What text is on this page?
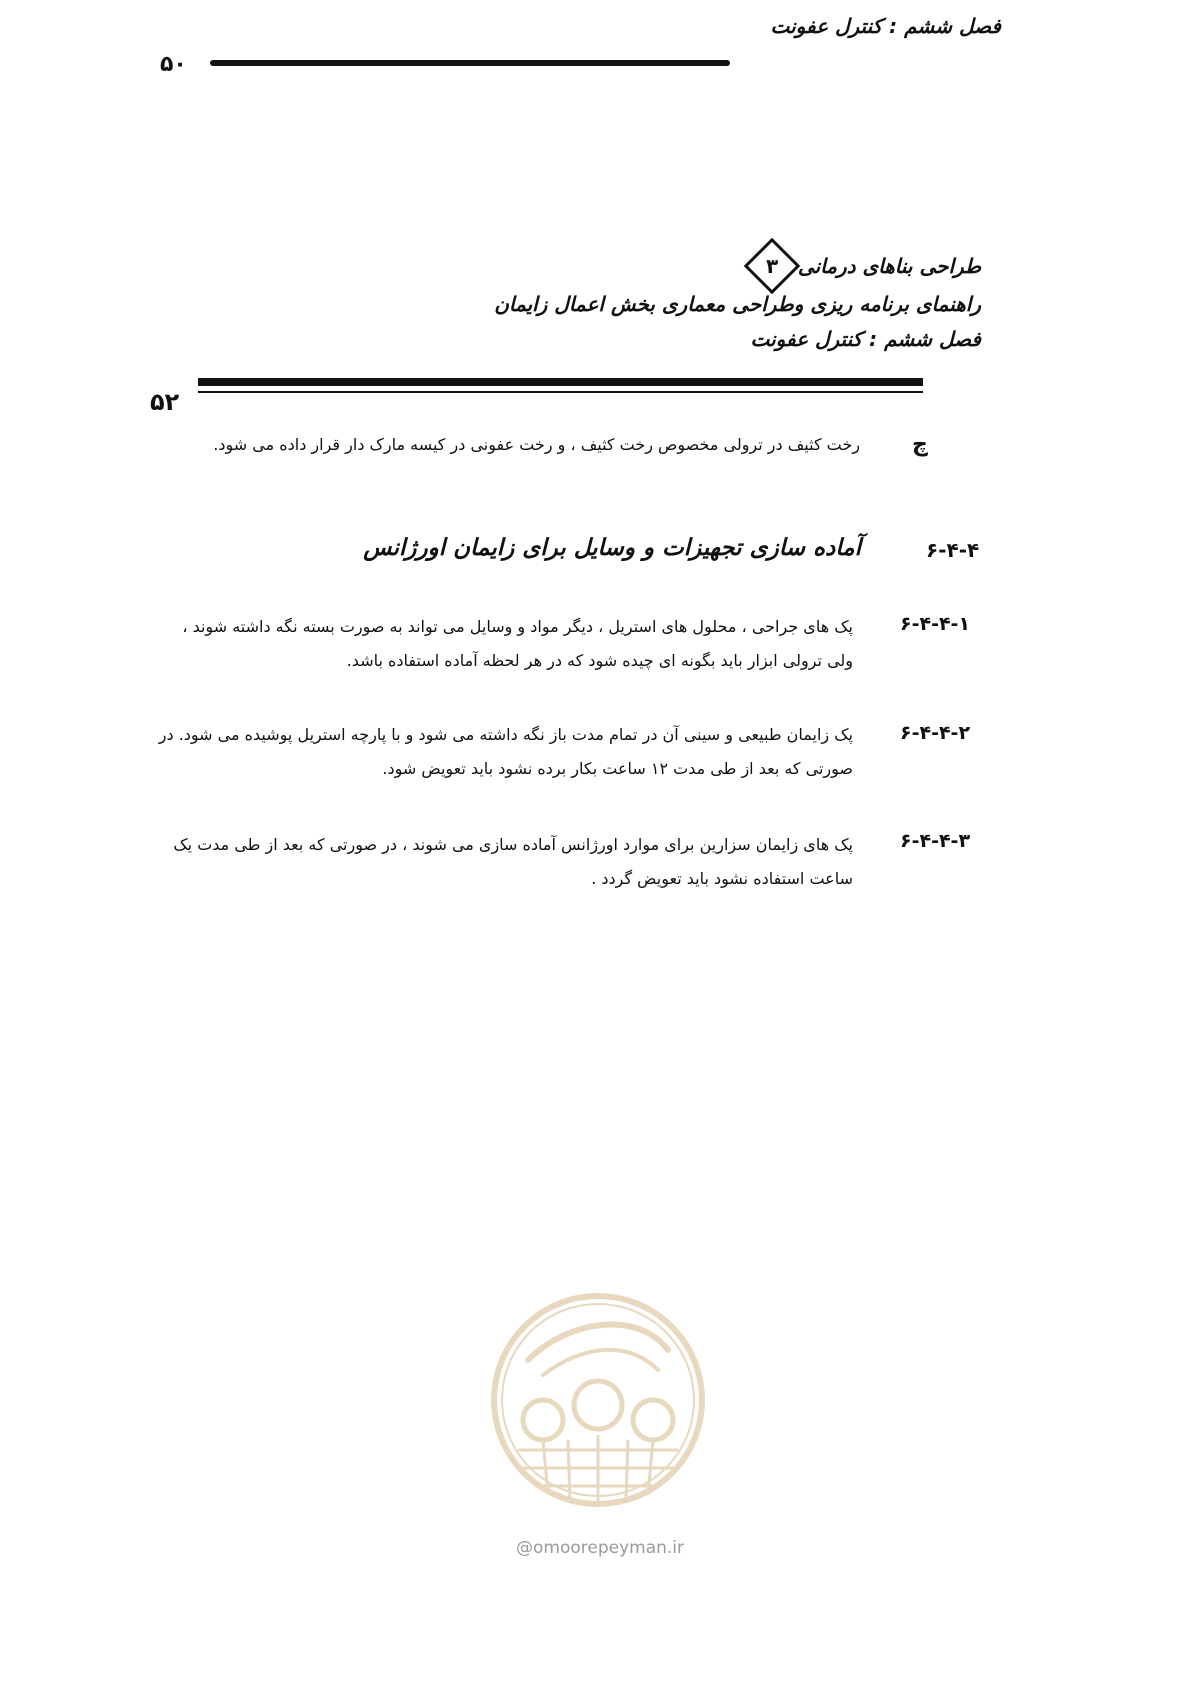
فصل ششم : کنترل عفونت
۵۰
طراحی بناهای درمانی
۳
راهنمای برنامه ریزی وطراحی معماری بخش اعمال زایمان
فصل ششم : کنترل عفونت
۵۲
چ
رخت کثیف در ترولی مخصوص رخت کثیف ، و رخت عفونی در کیسه مارک دار قرار داده می شود.
۶-۴-۴
آماده سازی تجهیزات و وسایل برای زایمان اورژانس
۶-۴-۴-۱
پک های جراحی ، محلول های استریل ، دیگر مواد و وسایل می تواند به صورت بسته نگه داشته شوند ، ولی ترولی ابزار باید بگونه ای چیده شود که در هر لحظه آماده استفاده باشد.
۶-۴-۴-۲
پک زایمان طبیعی و سینی آن در تمام مدت باز نگه داشته می شود و با پارچه استریل پوشیده می شود. در صورتی که بعد از طی مدت ۱۲ ساعت بکار برده نشود باید تعویض شود.
۶-۴-۴-۳
پک های زایمان سزارین برای موارد اورژانس آماده سازی می شوند ، در صورتی که بعد از طی مدت یک ساعت استفاده نشود باید تعویض گردد .
@omoorepeyman.ir
